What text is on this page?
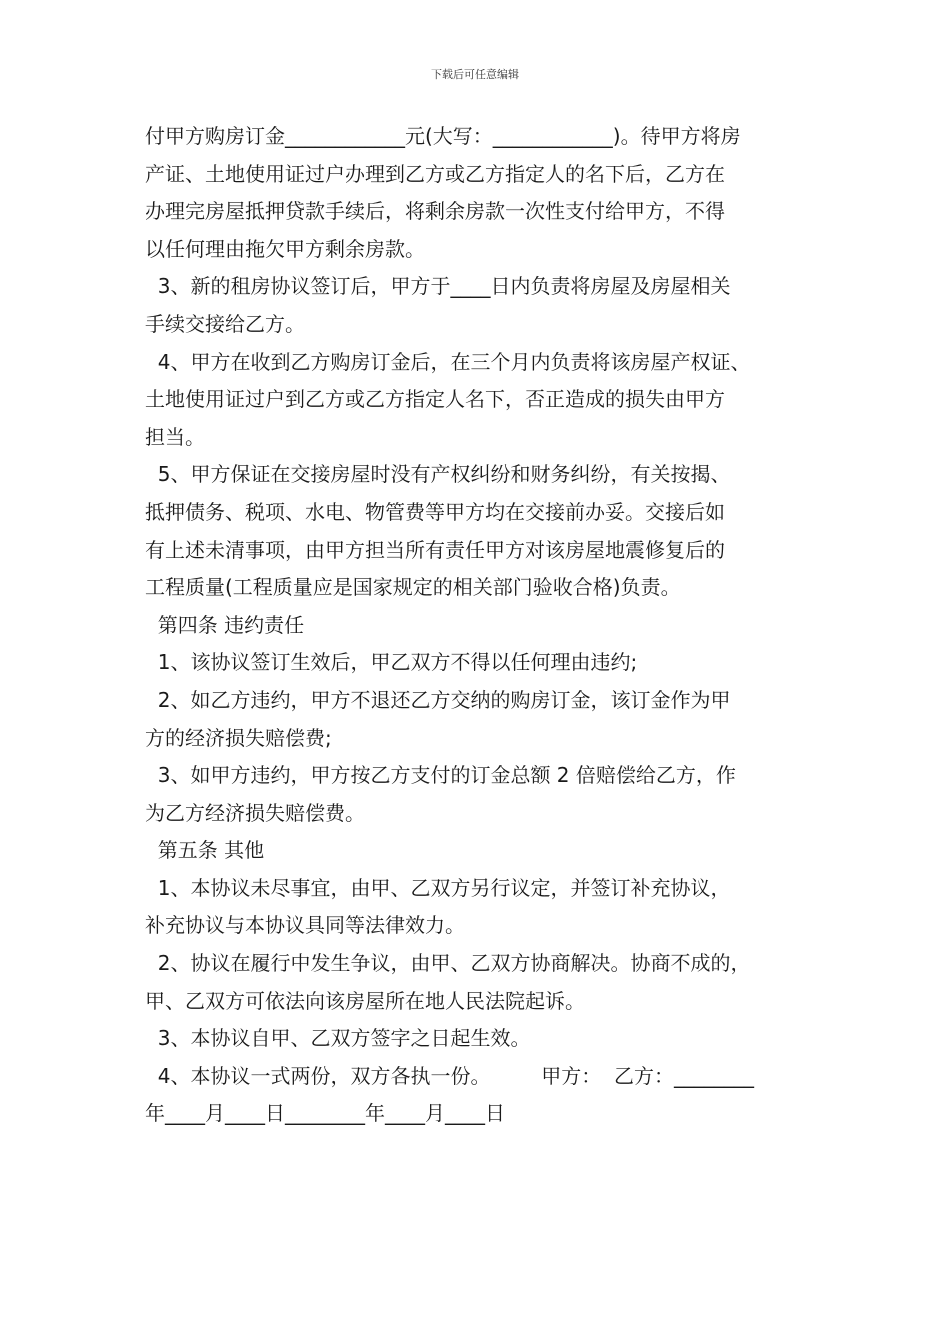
下载后可任意编辑
付甲方购房订金____________元(大写：____________)。待甲方将房
产证、土地使用证过户办理到乙方或乙方指定人的名下后，乙方在
办理完房屋抵押贷款手续后，将剩余房款一次性支付给甲方，不得
以任何理由拖欠甲方剩余房款。
3、新的租房协议签订后，甲方于____日内负责将房屋及房屋相关
手续交接给乙方。
4、甲方在收到乙方购房订金后，在三个月内负责将该房屋产权证、
土地使用证过户到乙方或乙方指定人名下，否正造成的损失由甲方
担当。
5、甲方保证在交接房屋时没有产权纠纷和财务纠纷，有关按揭、
抵押债务、税项、水电、物管费等甲方均在交接前办妥。交接后如
有上述未清事项，由甲方担当所有责任甲方对该房屋地震修复后的
工程质量(工程质量应是国家规定的相关部门验收合格)负责。
第四条 违约责任
1、该协议签订生效后，甲乙双方不得以任何理由违约;
2、如乙方违约，甲方不退还乙方交纳的购房订金，该订金作为甲
方的经济损失赔偿费;
3、如甲方违约，甲方按乙方支付的订金总额 2 倍赔偿给乙方，作
为乙方经济损失赔偿费。
第五条 其他
1、本协议未尽事宜，由甲、乙双方另行议定，并签订补充协议，
补充协议与本协议具同等法律效力。
2、协议在履行中发生争议，由甲、乙双方协商解决。协商不成的，
甲、乙双方可依法向该房屋所在地人民法院起诉。
3、本协议自甲、乙双方签字之日起生效。
4、本协议一式两份，双方各执一份。        甲方：  乙方：________
年____月____日________年____月____日
